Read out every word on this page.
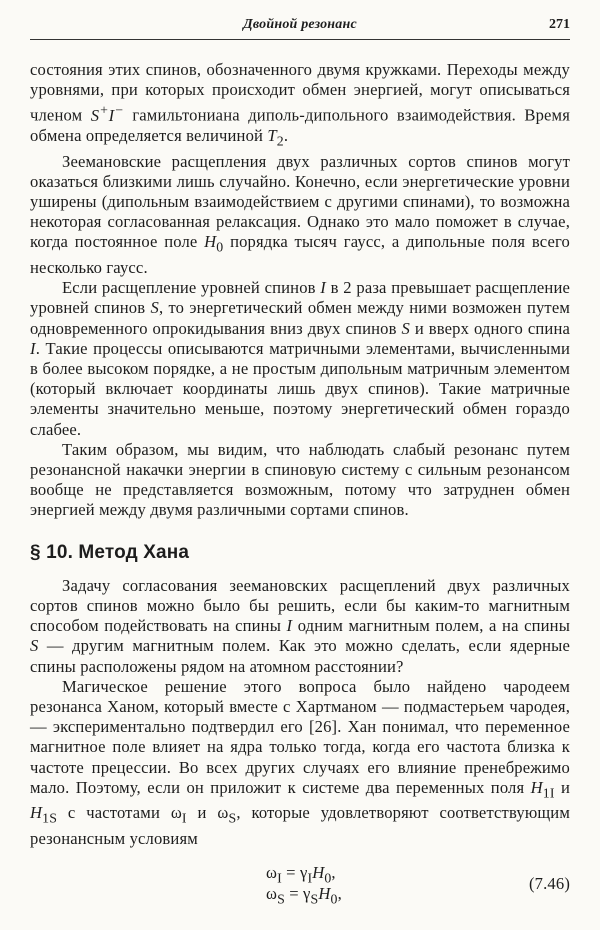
Двойной резонанс	271

состояния этих спинов, обозначенного двумя кружками. Переходы между уровнями, при которых происходит обмен энергией, могут описываться членом S+I− гамильтониана диполь-дипольного взаимодействия. Время обмена определяется величиной $T_2$.

Зеемановские расщепления двух различных сортов спинов могут оказаться близкими лишь случайно. Конечно, если энергетические уровни уширены (дипольным взаимодействием с другими спинами), то возможна некоторая согласованная релаксация. Однако это мало поможет в случае, когда постоянное поле $H_0$ порядка тысяч гаусс, а дипольные поля всего несколько гаусс.

Если расщепление уровней спинов I в 2 раза превышает расщепление уровней спинов S, то энергетический обмен между ними возможен путем одновременного опрокидывания вниз двух спинов S и вверх одного спина I. Такие процессы описываются матричными элементами, вычисленными в более высоком порядке, а не простым дипольным матричным элементом (который включает координаты лишь двух спинов). Такие матричные элементы значительно меньше, поэтому энергетический обмен гораздо слабее.

Таким образом, мы видим, что наблюдать слабый резонанс путем резонансной накачки энергии в спиновую систему с сильным резонансом вообще не представляется возможным, потому что затруднен обмен энергией между двумя различными сортами спинов.

§ 10. Метод Хана

Задачу согласования зеемановских расщеплений двух различных сортов спинов можно было бы решить, если бы каким-то магнитным способом подействовать на спины I одним магнитным полем, а на спины S — другим магнитным полем. Как это можно сделать, если ядерные спины расположены рядом на атомном расстоянии?

Магическое решение этого вопроса было найдено чародеем резонанса Ханом, который вместе с Хартманом — подмастерьем чародея, — экспериментально подтвердил его [26]. Хан понимал, что переменное магнитное поле влияет на ядра только тогда, когда его частота близка к частоте прецессии. Во всех других случаях его влияние пренебрежимо мало. Поэтому, если он приложит к системе два переменных поля $H_{1I}$ и $H_{1S}$ с частотами $\omega_I$ и $\omega_S$, которые удовлетворяют соответствующим резонансным условиям

$\omega_I = \gamma_IH_0$,
$\omega_S = \gamma_SH_0$,
(7.46)
